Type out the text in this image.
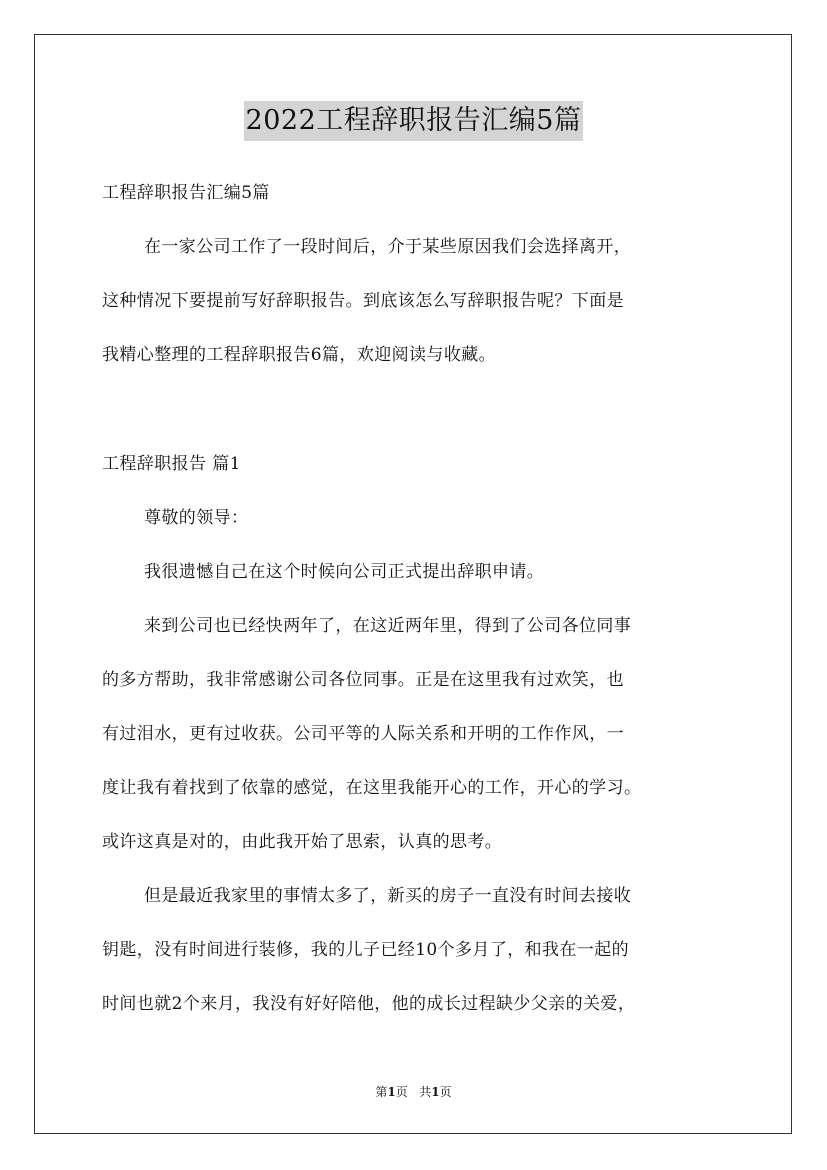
2022工程辞职报告汇编5篇

工程辞职报告汇编5篇

在一家公司工作了一段时间后，介于某些原因我们会选择离开，

这种情况下要提前写好辞职报告。到底该怎么写辞职报告呢？下面是

我精心整理的工程辞职报告6篇，欢迎阅读与收藏。

工程辞职报告 篇1

尊敬的领导：

我很遗憾自己在这个时候向公司正式提出辞职申请。

来到公司也已经快两年了，在这近两年里，得到了公司各位同事

的多方帮助，我非常感谢公司各位同事。正是在这里我有过欢笑，也

有过泪水，更有过收获。公司平等的人际关系和开明的工作作风，一

度让我有着找到了依靠的感觉，在这里我能开心的工作，开心的学习。

或许这真是对的，由此我开始了思索，认真的思考。

但是最近我家里的事情太多了，新买的房子一直没有时间去接收

钥匙，没有时间进行装修，我的儿子已经10个多月了，和我在一起的

时间也就2个来月，我没有好好陪他，他的成长过程缺少父亲的关爱，

第1页 共1页
